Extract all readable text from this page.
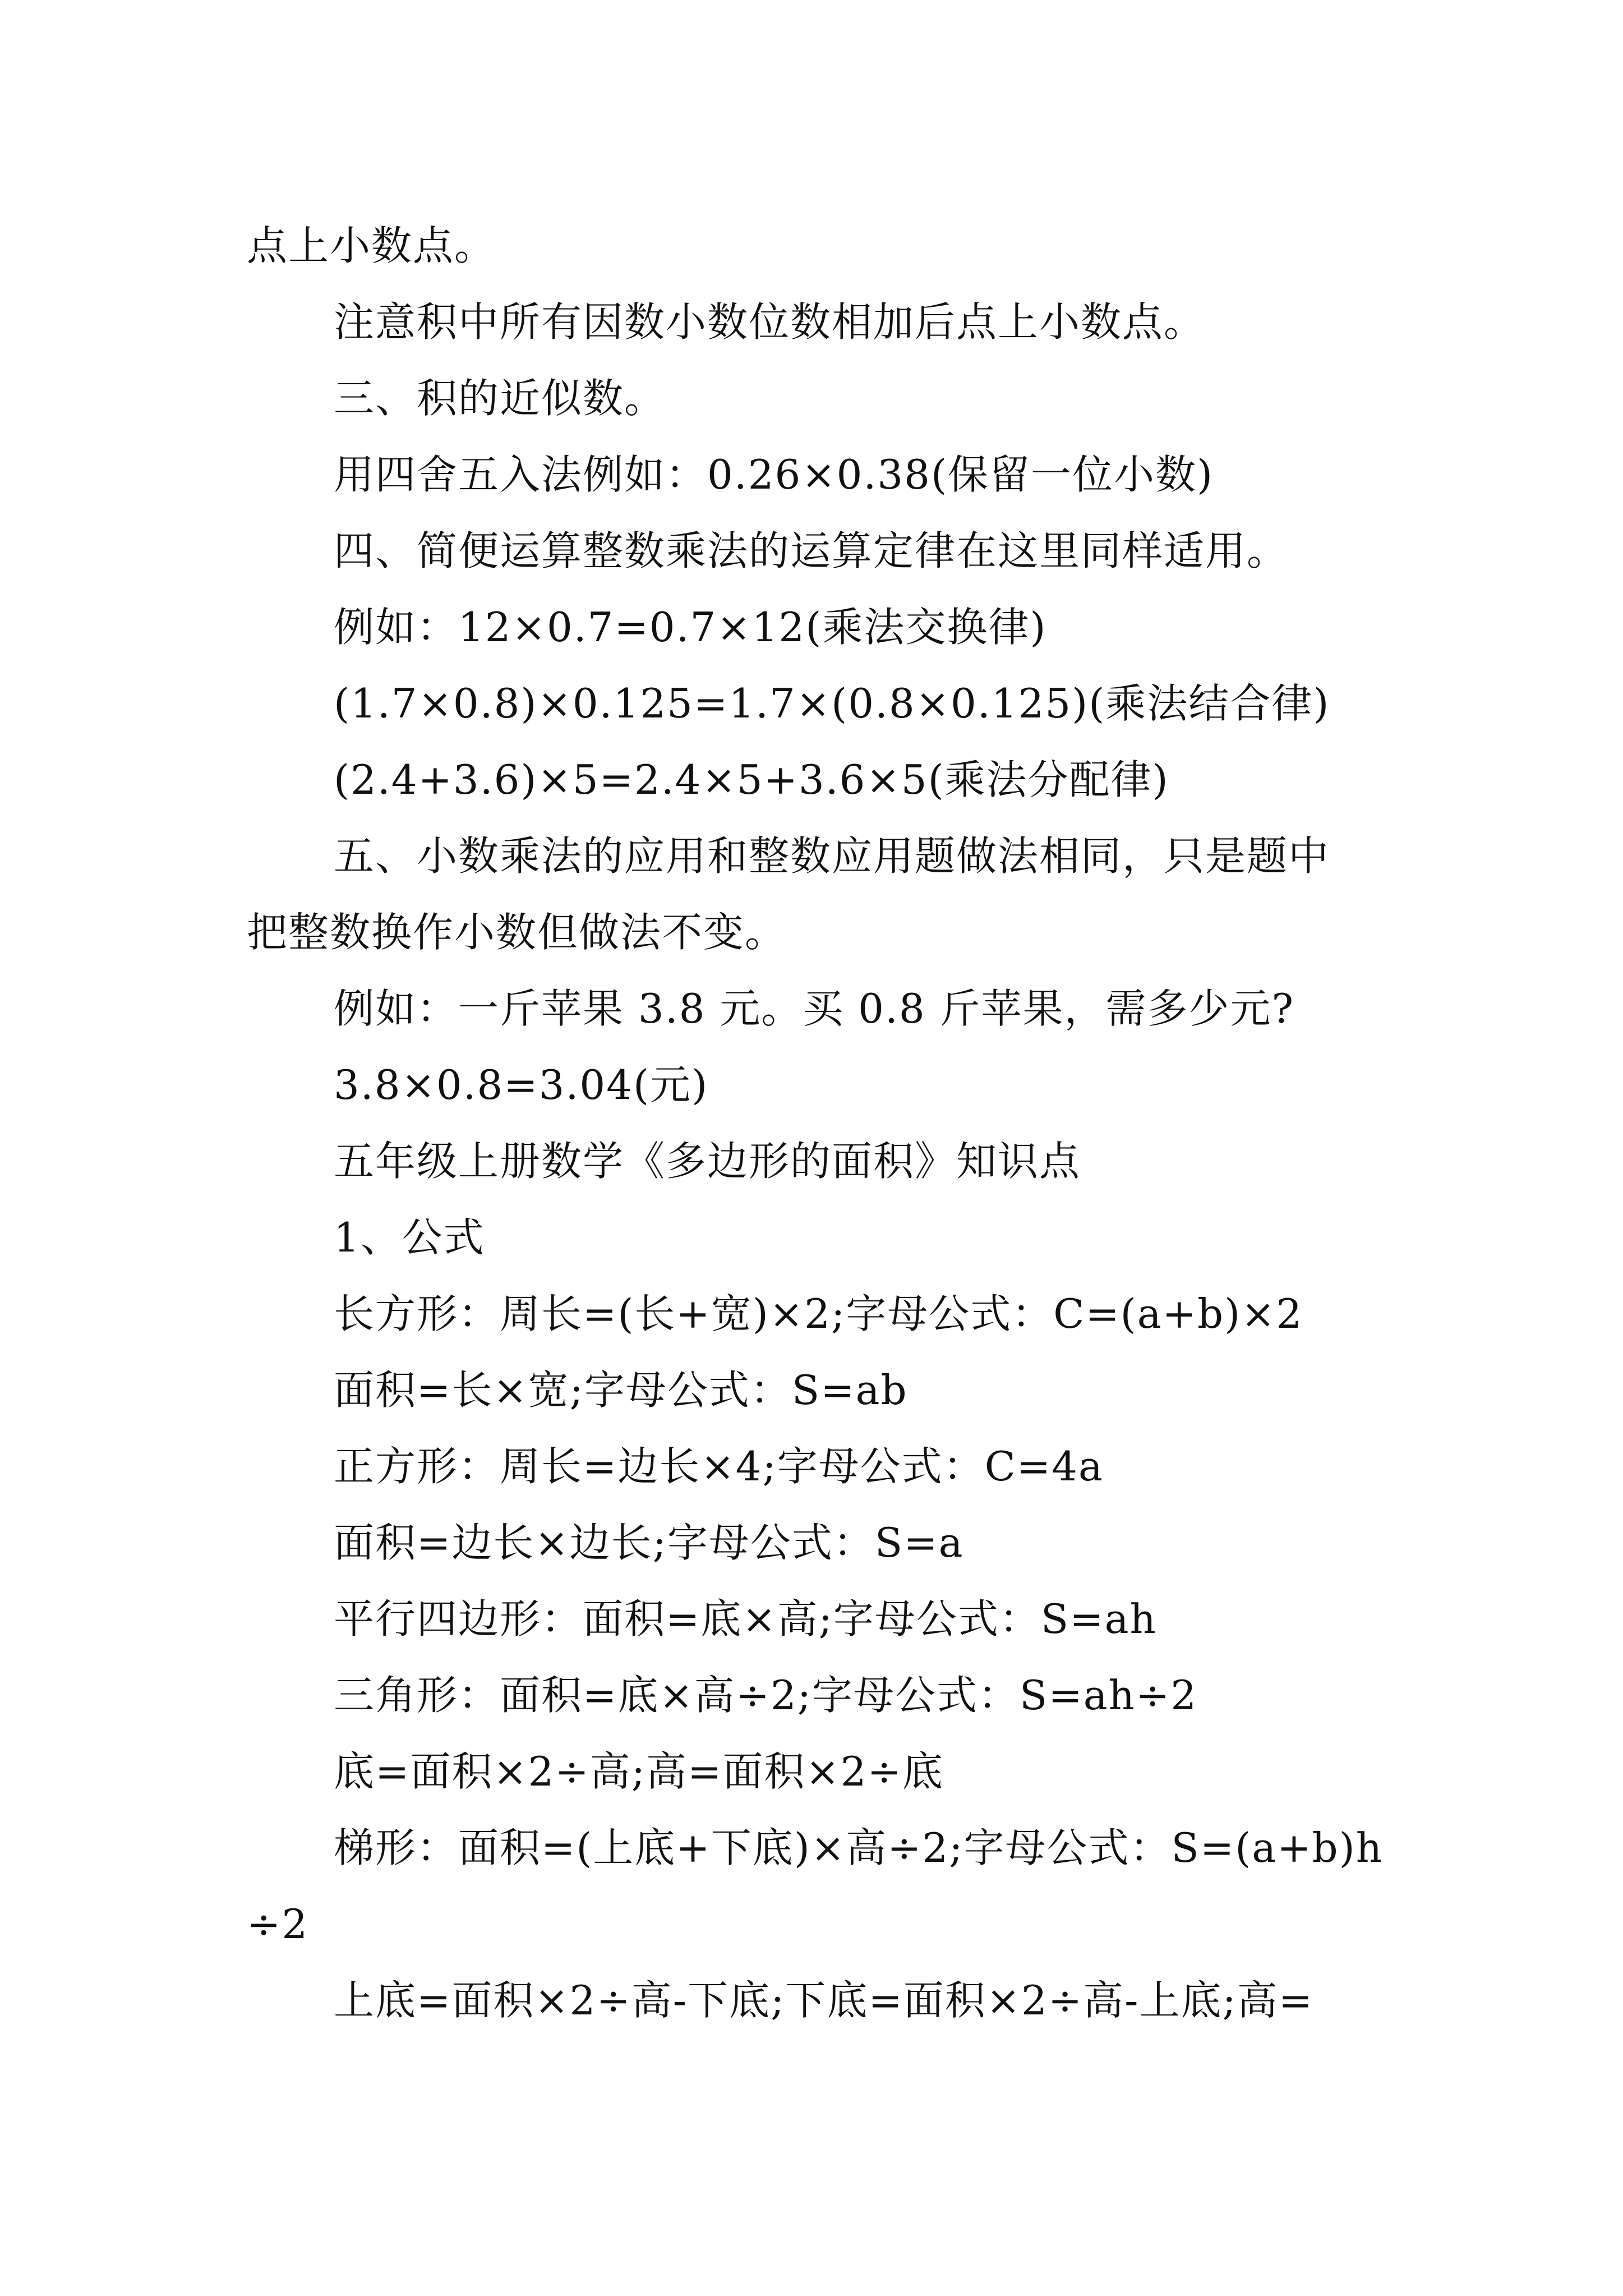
点上小数点。
注意积中所有因数小数位数相加后点上小数点。
三、积的近似数。
用四舍五入法例如：0.26×0.38(保留一位小数)
四、简便运算整数乘法的运算定律在这里同样适用。
例如：12×0.7=0.7×12(乘法交换律)
(1.7×0.8)×0.125=1.7×(0.8×0.125)(乘法结合律)
(2.4+3.6)×5=2.4×5+3.6×5(乘法分配律)
五、小数乘法的应用和整数应用题做法相同，只是题中
把整数换作小数但做法不变。
例如：一斤苹果 3.8 元。买 0.8 斤苹果，需多少元?
3.8×0.8=3.04(元)
五年级上册数学《多边形的面积》知识点
1、公式
长方形：周长=(长+宽)×2;字母公式：C=(a+b)×2
面积=长×宽;字母公式：S=ab
正方形：周长=边长×4;字母公式：C=4a
面积=边长×边长;字母公式：S=a
平行四边形：面积=底×高;字母公式：S=ah
三角形：面积=底×高÷2;字母公式：S=ah÷2
底=面积×2÷高;高=面积×2÷底
梯形：面积=(上底+下底)×高÷2;字母公式：S=(a+b)h
÷2
上底=面积×2÷高-下底;下底=面积×2÷高-上底;高=
